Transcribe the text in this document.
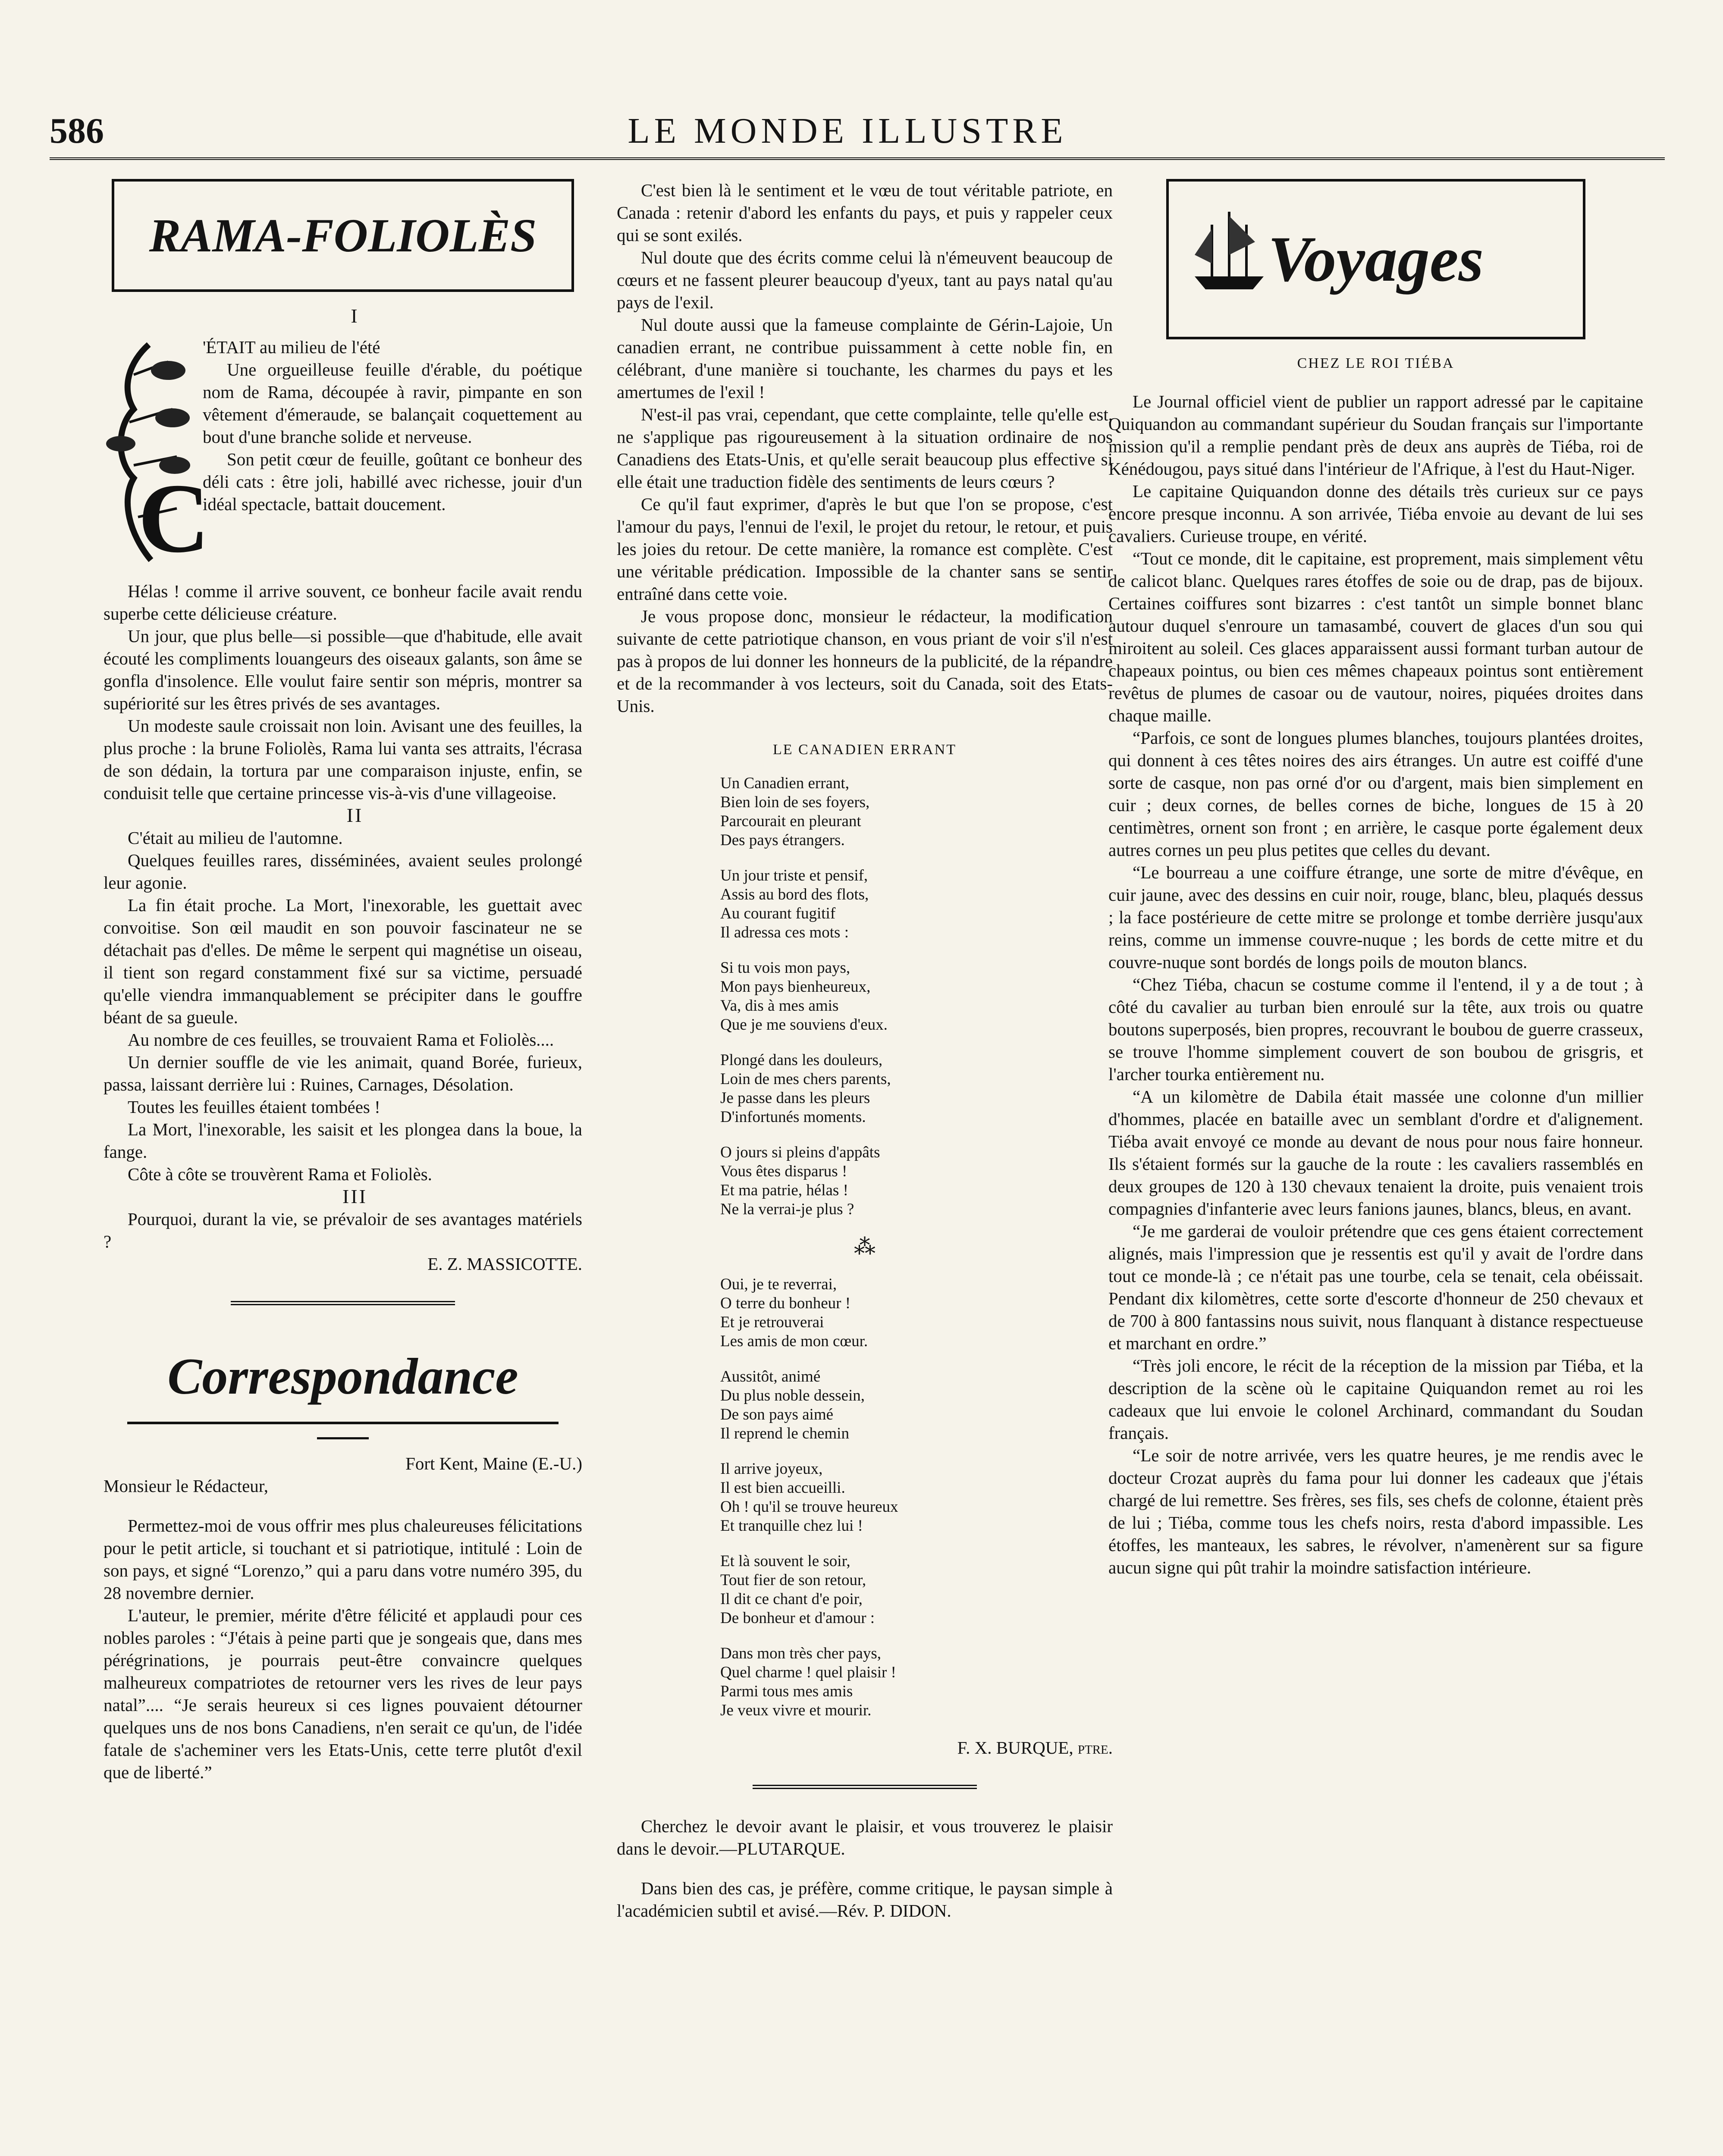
586	LE MONDE ILLUSTRE
RAMA-FOLIOLÈS

I

C

'ÉTAIT au milieu de l'été

Une orgueilleuse feuille d'érable, du poétique nom de Rama, découpée à ravir, pimpante en son vêtement d'émeraude, se balançait coquettement au bout d'une branche solide et nerveuse.

Son petit cœur de feuille, goûtant ce bonheur des déli cats : être joli, habillé avec richesse, jouir d'un idéal spectacle, battait doucement.

Hélas ! comme il arrive souvent, ce bonheur facile avait rendu superbe cette délicieuse créature.

Un jour, que plus belle—si possible—que d'habitude, elle avait écouté les compliments louangeurs des oiseaux galants, son âme se gonfla d'insolence. Elle voulut faire sentir son mépris, montrer sa supériorité sur les êtres privés de ses avantages.

Un modeste saule croissait non loin. Avisant une des feuilles, la plus proche : la brune Foliolès, Rama lui vanta ses attraits, l'écrasa de son dédain, la tortura par une comparaison injuste, enfin, se conduisit telle que certaine princesse vis-à-vis d'une villageoise.

II

C'était au milieu de l'automne.

Quelques feuilles rares, disséminées, avaient seules prolongé leur agonie.

La fin était proche. La Mort, l'inexorable, les guettait avec convoitise. Son œil maudit en son pouvoir fascinateur ne se détachait pas d'elles. De même le serpent qui magnétise un oiseau, il tient son regard constamment fixé sur sa victime, persuadé qu'elle viendra immanquablement se précipiter dans le gouffre béant de sa gueule.

Au nombre de ces feuilles, se trouvaient Rama et Foliolès....

Un dernier souffle de vie les animait, quand Borée, furieux, passa, laissant derrière lui : Ruines, Carnages, Désolation.

Toutes les feuilles étaient tombées !

La Mort, l'inexorable, les saisit et les plongea dans la boue, la fange.

Côte à côte se trouvèrent Rama et Foliolès.

III

Pourquoi, durant la vie, se prévaloir de ses avantages matériels ?

E. Z. MASSICOTTE.

Correspondance

Fort Kent, Maine (E.-U.)

Monsieur le Rédacteur,

Permettez-moi de vous offrir mes plus chaleureuses félicitations pour le petit article, si touchant et si patriotique, intitulé : Loin de son pays, et signé “Lorenzo,” qui a paru dans votre numéro 395, du 28 novembre dernier.

L'auteur, le premier, mérite d'être félicité et applaudi pour ces nobles paroles : “J'étais à peine parti que je songeais que, dans mes pérégrinations, je pourrais peut-être convaincre quelques malheureux compatriotes de retourner vers les rives de leur pays natal”.... “Je serais heureux si ces lignes pouvaient détourner quelques uns de nos bons Canadiens, n'en serait ce qu'un, de l'idée fatale de s'acheminer vers les Etats-Unis, cette terre plutôt d'exil que de liberté.”

C'est bien là le sentiment et le vœu de tout véritable patriote, en Canada : retenir d'abord les enfants du pays, et puis y rappeler ceux qui se sont exilés.

Nul doute que des écrits comme celui là n'émeuvent beaucoup de cœurs et ne fassent pleurer beaucoup d'yeux, tant au pays natal qu'au pays de l'exil.

Nul doute aussi que la fameuse complainte de Gérin-Lajoie, Un canadien errant, ne contribue puissamment à cette noble fin, en célébrant, d'une manière si touchante, les charmes du pays et les amertumes de l'exil !

N'est-il pas vrai, cependant, que cette complainte, telle qu'elle est, ne s'applique pas rigoureusement à la situation ordinaire de nos Canadiens des Etats-Unis, et qu'elle serait beaucoup plus effective si elle était une traduction fidèle des sentiments de leurs cœurs ?

Ce qu'il faut exprimer, d'après le but que l'on se propose, c'est l'amour du pays, l'ennui de l'exil, le projet du retour, le retour, et puis les joies du retour. De cette manière, la romance est complète. C'est une véritable prédication. Impossible de la chanter sans se sentir entraîné dans cette voie.

Je vous propose donc, monsieur le rédacteur, la modification suivante de cette patriotique chanson, en vous priant de voir s'il n'est pas à propos de lui donner les honneurs de la publicité, de la répandre et de la recommander à vos lecteurs, soit du Canada, soit des Etats-Unis.

LE CANADIEN ERRANT
Un Canadien errant,
Bien loin de ses foyers,
Parcourait en pleurant
Des pays étrangers.
Un jour triste et pensif,
Assis au bord des flots,
Au courant fugitif
Il adressa ces mots :
Si tu vois mon pays,
Mon pays bienheureux,
Va, dis à mes amis
Que je me souviens d'eux.
Plongé dans les douleurs,
Loin de mes chers parents,
Je passe dans les pleurs
D'infortunés moments.
O jours si pleins d'appâts
Vous êtes disparus !
Et ma patrie, hélas !
Ne la verrai-je plus ?
⁂
Oui, je te reverrai,
O terre du bonheur !
Et je retrouverai
Les amis de mon cœur.
Aussitôt, animé
Du plus noble dessein,
De son pays aimé
Il reprend le chemin
Il arrive joyeux,
Il est bien accueilli.
Oh ! qu'il se trouve heureux
Et tranquille chez lui !
Et là souvent le soir,
Tout fier de son retour,
Il dit ce chant d'e poir,
De bonheur et d'amour :
Dans mon très cher pays,
Quel charme ! quel plaisir !
Parmi tous mes amis
Je veux vivre et mourir.

F. X. BURQUE, ptre.

Cherchez le devoir avant le plaisir, et vous trouverez le plaisir dans le devoir.—PLUTARQUE.

Dans bien des cas, je préfère, comme critique, le paysan simple à l'académicien subtil et avisé.—Rév. P. DIDON.

Voyages
CHEZ LE ROI TIÉBA

Le Journal officiel vient de publier un rapport adressé par le capitaine Quiquandon au commandant supérieur du Soudan français sur l'importante mission qu'il a remplie pendant près de deux ans auprès de Tiéba, roi de Kénédougou, pays situé dans l'intérieur de l'Afrique, à l'est du Haut-Niger.

Le capitaine Quiquandon donne des détails très curieux sur ce pays encore presque inconnu. A son arrivée, Tiéba envoie au devant de lui ses cavaliers. Curieuse troupe, en vérité.

“Tout ce monde, dit le capitaine, est proprement, mais simplement vêtu de calicot blanc. Quelques rares étoffes de soie ou de drap, pas de bijoux. Certaines coiffures sont bizarres : c'est tantôt un simple bonnet blanc autour duquel s'enroure un tamasambé, couvert de glaces d'un sou qui miroitent au soleil. Ces glaces apparaissent aussi formant turban autour de chapeaux pointus, ou bien ces mêmes chapeaux pointus sont entièrement revêtus de plumes de casoar ou de vautour, noires, piquées droites dans chaque maille.

“Parfois, ce sont de longues plumes blanches, toujours plantées droites, qui donnent à ces têtes noires des airs étranges. Un autre est coiffé d'une sorte de casque, non pas orné d'or ou d'argent, mais bien simplement en cuir ; deux cornes, de belles cornes de biche, longues de 15 à 20 centimètres, ornent son front ; en arrière, le casque porte également deux autres cornes un peu plus petites que celles du devant.

“Le bourreau a une coiffure étrange, une sorte de mitre d'évêque, en cuir jaune, avec des dessins en cuir noir, rouge, blanc, bleu, plaqués dessus ; la face postérieure de cette mitre se prolonge et tombe derrière jusqu'aux reins, comme un immense couvre-nuque ; les bords de cette mitre et du couvre-nuque sont bordés de longs poils de mouton blancs.

“Chez Tiéba, chacun se costume comme il l'entend, il y a de tout ; à côté du cavalier au turban bien enroulé sur la tête, aux trois ou quatre boutons superposés, bien propres, recouvrant le boubou de guerre crasseux, se trouve l'homme simplement couvert de son boubou de grisgris, et l'archer tourka entièrement nu.

“A un kilomètre de Dabila était massée une colonne d'un millier d'hommes, placée en bataille avec un semblant d'ordre et d'alignement. Tiéba avait envoyé ce monde au devant de nous pour nous faire honneur. Ils s'étaient formés sur la gauche de la route : les cavaliers rassemblés en deux groupes de 120 à 130 chevaux tenaient la droite, puis venaient trois compagnies d'infanterie avec leurs fanions jaunes, blancs, bleus, en avant.

“Je me garderai de vouloir prétendre que ces gens étaient correctement alignés, mais l'impression que je ressentis est qu'il y avait de l'ordre dans tout ce monde-là ; ce n'était pas une tourbe, cela se tenait, cela obéissait. Pendant dix kilomètres, cette sorte d'escorte d'honneur de 250 chevaux et de 700 à 800 fantassins nous suivit, nous flanquant à distance respectueuse et marchant en ordre.”

“Très joli encore, le récit de la réception de la mission par Tiéba, et la description de la scène où le capitaine Quiquandon remet au roi les cadeaux que lui envoie le colonel Archinard, commandant du Soudan français.

“Le soir de notre arrivée, vers les quatre heures, je me rendis avec le docteur Crozat auprès du fama pour lui donner les cadeaux que j'étais chargé de lui remettre. Ses frères, ses fils, ses chefs de colonne, étaient près de lui ; Tiéba, comme tous les chefs noirs, resta d'abord impassible. Les étoffes, les manteaux, les sabres, le révolver, n'amenèrent sur sa figure aucun signe qui pût trahir la moindre satisfaction intérieure.
